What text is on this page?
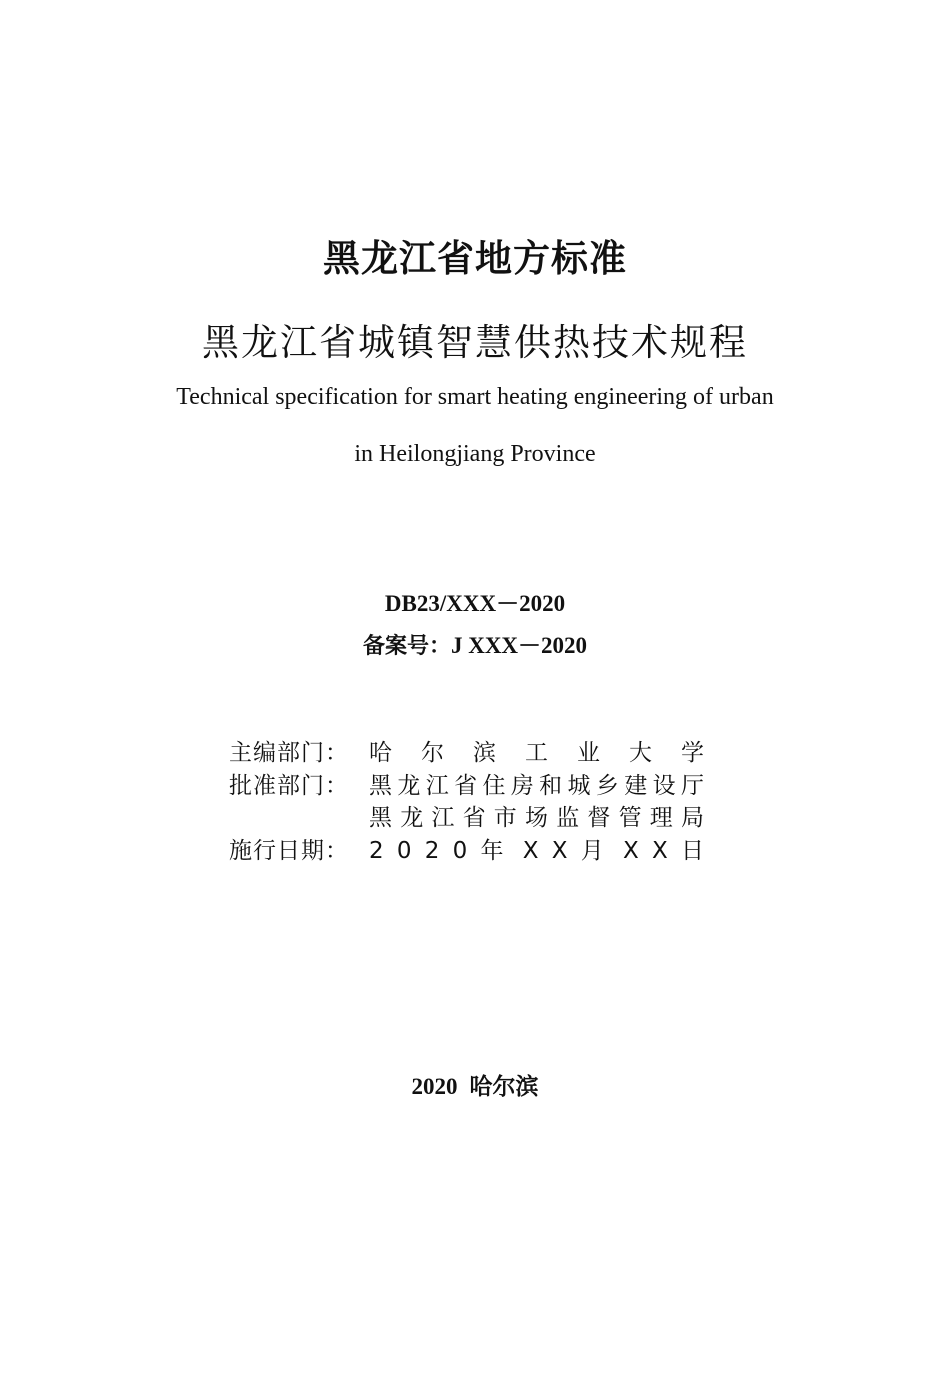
黑龙江省地方标准
黑龙江省城镇智慧供热技术规程
Technical specification for smart heating engineering of urban
in Heilongjiang Province
DB23/XXX－2020
备案号：J XXX－2020
主编部门： 哈 尔 滨 工 业 大 学
批准部门： 黑龙江省住房和城乡建设厅
黑龙江省市场监督管理局
施行日期： 2 0 2 0 年 X X 月 X X 日
2020 哈尔滨
